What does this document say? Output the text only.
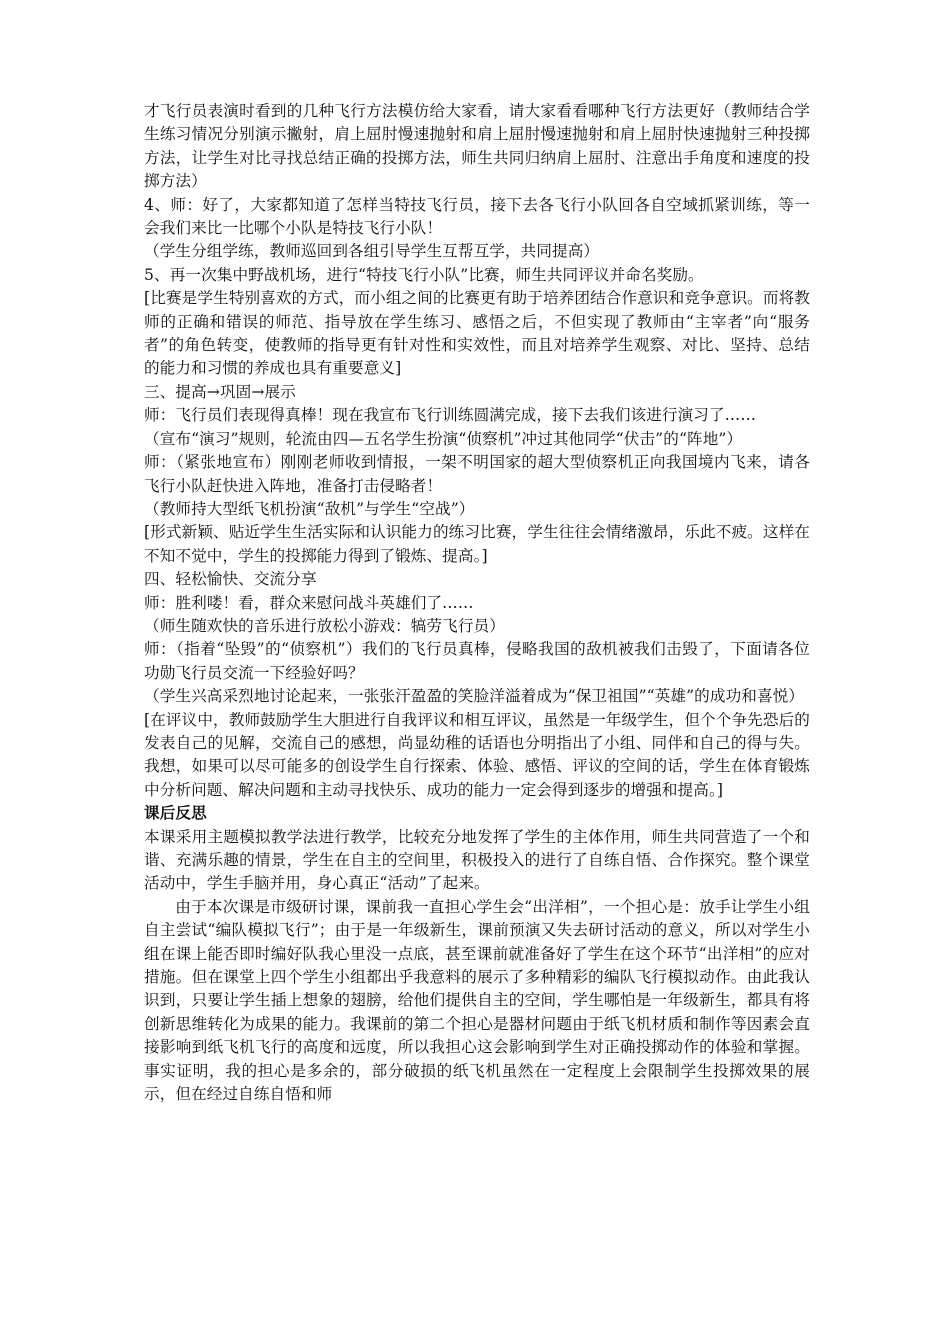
才飞行员表演时看到的几种飞行方法模仿给大家看，请大家看看哪种飞行方法更好（教师结合学生练习情况分别演示撇射，肩上屈肘慢速抛射和肩上屈肘慢速抛射和肩上屈肘快速抛射三种投掷方法，让学生对比寻找总结正确的投掷方法，师生共同归纳肩上屈肘、注意出手角度和速度的投掷方法）

4、师：好了，大家都知道了怎样当特技飞行员，接下去各飞行小队回各自空域抓紧训练，等一会我们来比一比哪个小队是特技飞行小队！

（学生分组学练，教师巡回到各组引导学生互帮互学，共同提高）

5、再一次集中野战机场，进行“特技飞行小队”比赛，师生共同评议并命名奖励。

[比赛是学生特别喜欢的方式，而小组之间的比赛更有助于培养团结合作意识和竞争意识。而将教师的正确和错误的师范、指导放在学生练习、感悟之后，不但实现了教师由“主宰者”向“服务者”的角色转变，使教师的指导更有针对性和实效性，而且对培养学生观察、对比、坚持、总结的能力和习惯的养成也具有重要意义]

三、提高→巩固→展示

师：飞行员们表现得真棒！现在我宣布飞行训练圆满完成，接下去我们该进行演习了……

（宣布“演习”规则，轮流由四—五名学生扮演“侦察机”冲过其他同学“伏击”的“阵地”）

师：（紧张地宣布）刚刚老师收到情报，一架不明国家的超大型侦察机正向我国境内飞来，请各飞行小队赶快进入阵地，准备打击侵略者！

（教师持大型纸飞机扮演“敌机”与学生“空战”）

[形式新颖、贴近学生生活实际和认识能力的练习比赛，学生往往会情绪激昂，乐此不疲。这样在不知不觉中，学生的投掷能力得到了锻炼、提高。]

四、轻松愉快、交流分享

师：胜利喽！看，群众来慰问战斗英雄们了……

（师生随欢快的音乐进行放松小游戏：犒劳飞行员）

师：（指着“坠毁”的“侦察机”）我们的飞行员真棒，侵略我国的敌机被我们击毁了，下面请各位功勋飞行员交流一下经验好吗？

（学生兴高采烈地讨论起来，一张张汗盈盈的笑脸洋溢着成为“保卫祖国”“英雄”的成功和喜悦）

[在评议中，教师鼓励学生大胆进行自我评议和相互评议，虽然是一年级学生，但个个争先恐后的发表自己的见解，交流自己的感想，尚显幼稚的话语也分明指出了小组、同伴和自己的得与失。我想，如果可以尽可能多的创设学生自行探索、体验、感悟、评议的空间的话，学生在体育锻炼中分析问题、解决问题和主动寻找快乐、成功的能力一定会得到逐步的增强和提高。]

课后反思

本课采用主题模拟教学法进行教学，比较充分地发挥了学生的主体作用，师生共同营造了一个和谐、充满乐趣的情景，学生在自主的空间里，积极投入的进行了自练自悟、合作探究。整个课堂活动中，学生手脑并用，身心真正“活动”了起来。

由于本次课是市级研讨课，课前我一直担心学生会“出洋相”，一个担心是：放手让学生小组自主尝试“编队模拟飞行”；由于是一年级新生，课前预演又失去研讨活动的意义，所以对学生小组在课上能否即时编好队我心里没一点底，甚至课前就准备好了学生在这个环节“出洋相”的应对措施。但在课堂上四个学生小组都出乎我意料的展示了多种精彩的编队飞行模拟动作。由此我认识到，只要让学生插上想象的翅膀，给他们提供自主的空间，学生哪怕是一年级新生，都具有将创新思维转化为成果的能力。我课前的第二个担心是器材问题由于纸飞机材质和制作等因素会直接影响到纸飞机飞行的高度和远度，所以我担心这会影响到学生对正确投掷动作的体验和掌握。事实证明，我的担心是多余的，部分破损的纸飞机虽然在一定程度上会限制学生投掷效果的展示，但在经过自练自悟和师
